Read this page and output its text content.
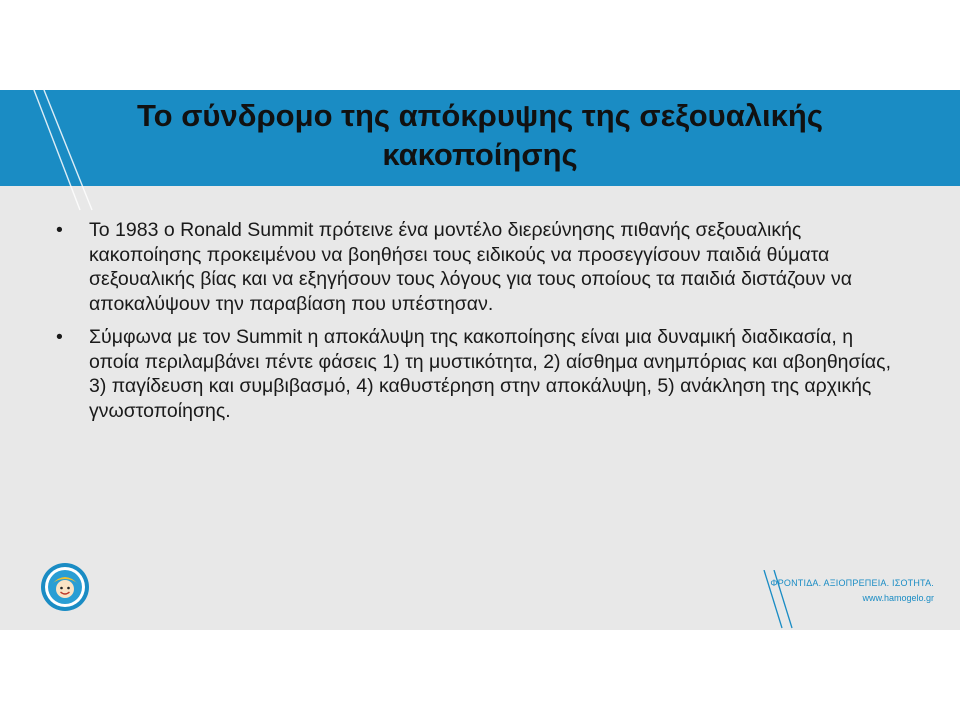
Το σύνδρομο της απόκρυψης της σεξουαλικής
κακοποίησης
• Το 1983 ο Ronald Summit πρότεινε ένα μοντέλο διερεύνησης πιθανής σεξουαλικής κακοποίησης προκειμένου να βοηθήσει τους ειδικούς να προσεγγίσουν παιδιά θύματα σεξουαλικής βίας και να εξηγήσουν τους λόγους για τους οποίους τα παιδιά διστάζουν να αποκαλύψουν την παραβίαση που υπέστησαν.
• Σύμφωνα με τον Summit η αποκάλυψη της κακοποίησης είναι μια δυναμική διαδικασία, η οποία περιλαμβάνει πέντε φάσεις 1) τη μυστικότητα, 2) αίσθημα ανημπόριας και αβοηθησίας, 3) παγίδευση και συμβιβασμό, 4) καθυστέρηση στην αποκάλυψη, 5) ανάκληση της αρχικής γνωστοποίησης.
ΦΡΟΝΤΙΔΑ. ΑΞΙΟΠΡΕΠΕΙΑ. ΙΣΟΤΗΤΑ.
www.hamogelo.gr
